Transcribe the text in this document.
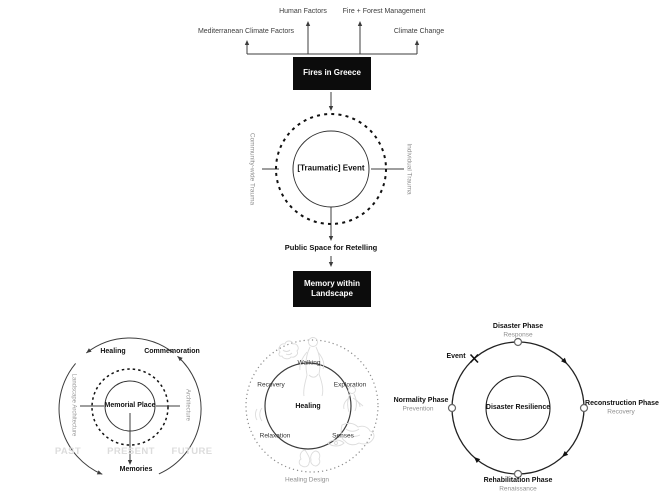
Human Factors Fire + Forest Management
Mediterranean Climate Factors	Climate Change
Fires in Greece
Community-wide Trauma	Individual Trauma
[Traumatic] Event
Public Space for Retelling
Memory within Landscape
Healing	Commemoration
Memories
Memorial Place
Landscape Architecture	Architecture
PAST	PRESENT FUTURE
Walking
Exploration
Senses
Relaxation
Recovery
Healing
Healing Design
Disaster Phase
Response
Reconstruction Phase
Recovery
Rehabilitation Phase
Renaissance
Normality Phase
Prevention
Event
Disaster Resilience
